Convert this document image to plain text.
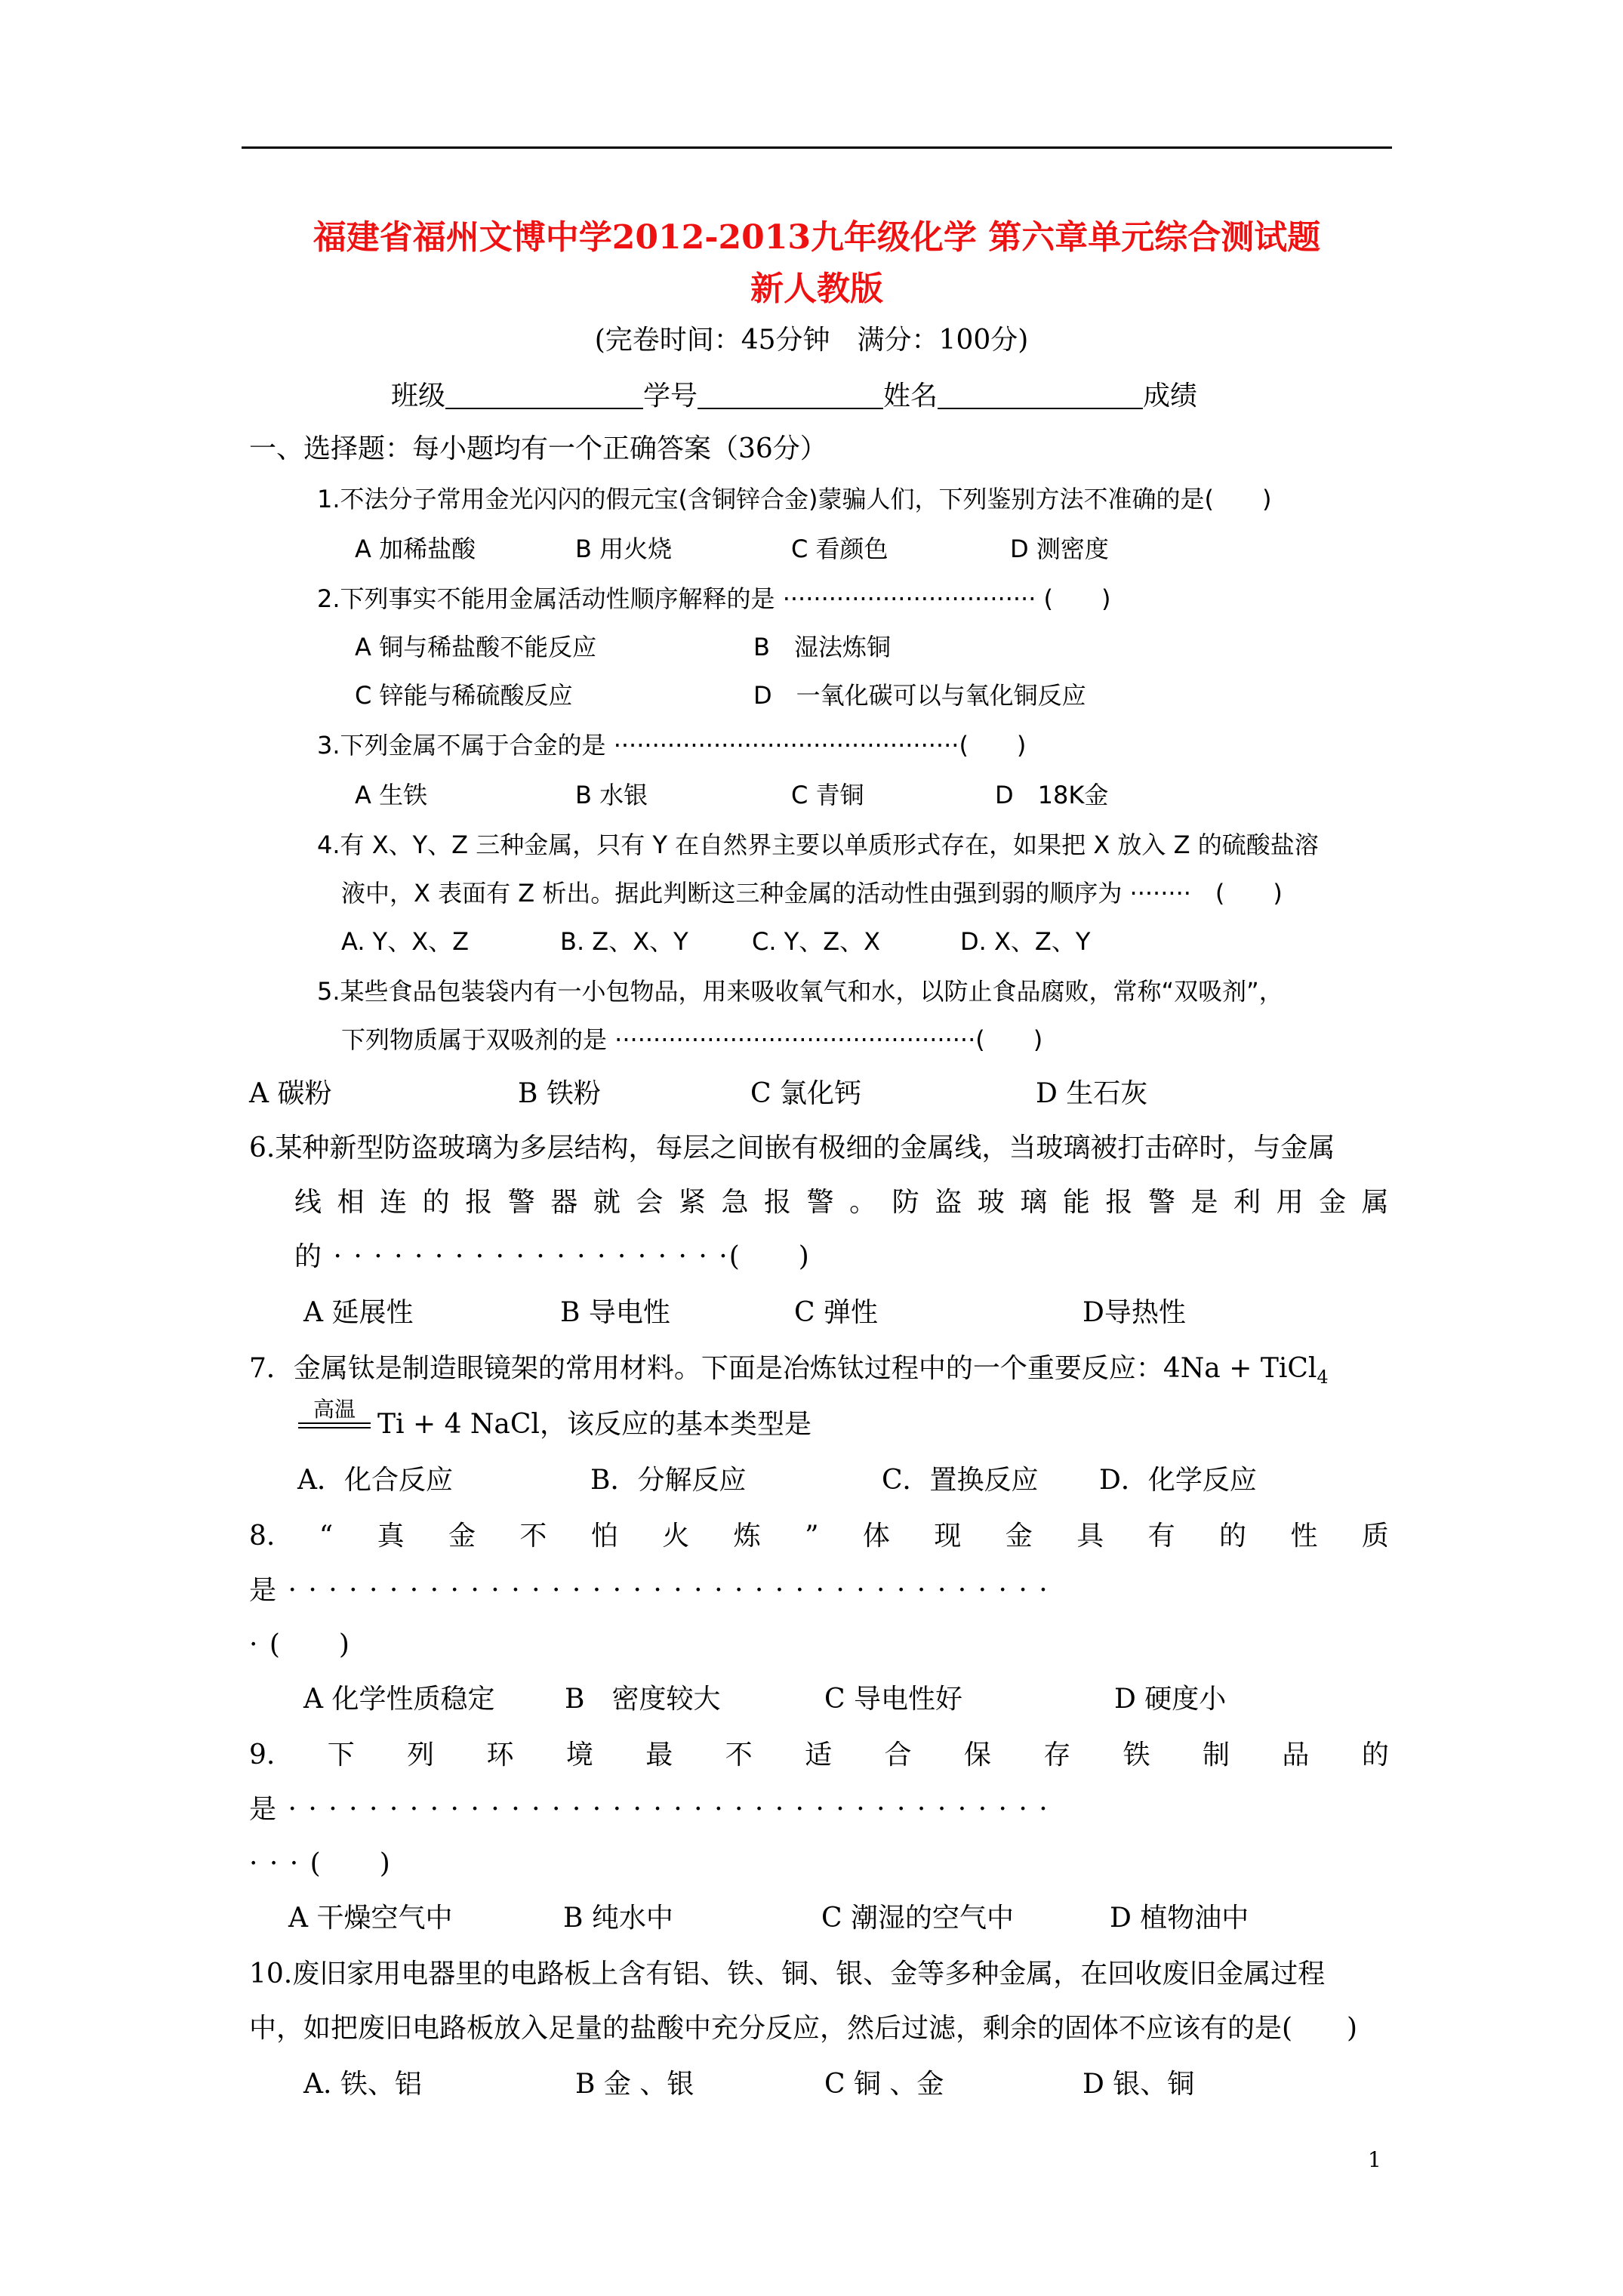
福建省福州文博中学2012-2013九年级化学 第六章单元综合测试题
新人教版
(完卷时间：45分钟　满分：100分)
班级	学号	姓名	成绩
一、选择题：每小题均有一个正确答案（36分）
1.不法分子常用金光闪闪的假元宝(含铜锌合金)蒙骗人们，下列鉴别方法不准确的是(　　)
A 加稀盐酸	B 用火烧	C 看颜色	D 测密度
2.下列事实不能用金属活动性顺序解释的是 ································· (　　)
A 铜与稀盐酸不能反应	B　湿法炼铜
C 锌能与稀硫酸反应	D　一氧化碳可以与氧化铜反应
3.下列金属不属于合金的是 ·············································(　　)
A 生铁	B 水银	C 青铜	D　18K金
4.有 X、Y、Z 三种金属，只有 Y 在自然界主要以单质形式存在，如果把 X 放入 Z 的硫酸盐溶
液中，X 表面有 Z 析出。据此判断这三种金属的活动性由强到弱的顺序为 ········　(　　)
A. Y、X、Z	B. Z、X、Y	C. Y、Z、X	D. X、Z、Y
5.某些食品包装袋内有一小包物品，用来吸收氧气和水，以防止食品腐败，常称“双吸剂”，
下列物质属于双吸剂的是 ···············································(　　)
A 碳粉	B 铁粉	C 氯化钙	D 生石灰
6.某种新型防盗玻璃为多层结构，每层之间嵌有极细的金属线，当玻璃被打击碎时，与金属
线 相 连 的 报 警 器 就 会 紧 急 报 警 。 防 盗 玻 璃 能 报 警 是 利 用 金 属
的 · · · · · · · · · · · · · · · · · · · ·(　　)
A 延展性	B 导电性	C 弹性	D导热性
7．金属钛是制造眼镜架的常用材料。下面是冶炼钛过程中的一个重要反应：4Na + TiCl$_4$
高温 Ti + 4 NaCl，该反应的基本类型是
A．化合反应	B．分解反应	C．置换反应 D．化学反应
8. “ 真 金 不 怕 火 炼 ” 体 现 金 具 有 的 性 质
是 · · · · · · · · · · · · · · · · · · · · · · · · · · · · · · · · · · · · · ·
· (　　)
A 化学性质稳定	B　密度较大	C 导电性好	D 硬度小
9. 下 列 环 境 最 不 适 合 保 存 铁 制 品 的
是 · · · · · · · · · · · · · · · · · · · · · · · · · · · · · · · · · · · · · ·
· · · (　　)
A 干燥空气中	B 纯水中	C 潮湿的空气中	D 植物油中
10.废旧家用电器里的电路板上含有铝、铁、铜、银、金等多种金属，在回收废旧金属过程
中，如把废旧电路板放入足量的盐酸中充分反应，然后过滤，剩余的固体不应该有的是(　　)
A. 铁、铝	B 金 、银	C 铜 、金	D 银、铜
1
